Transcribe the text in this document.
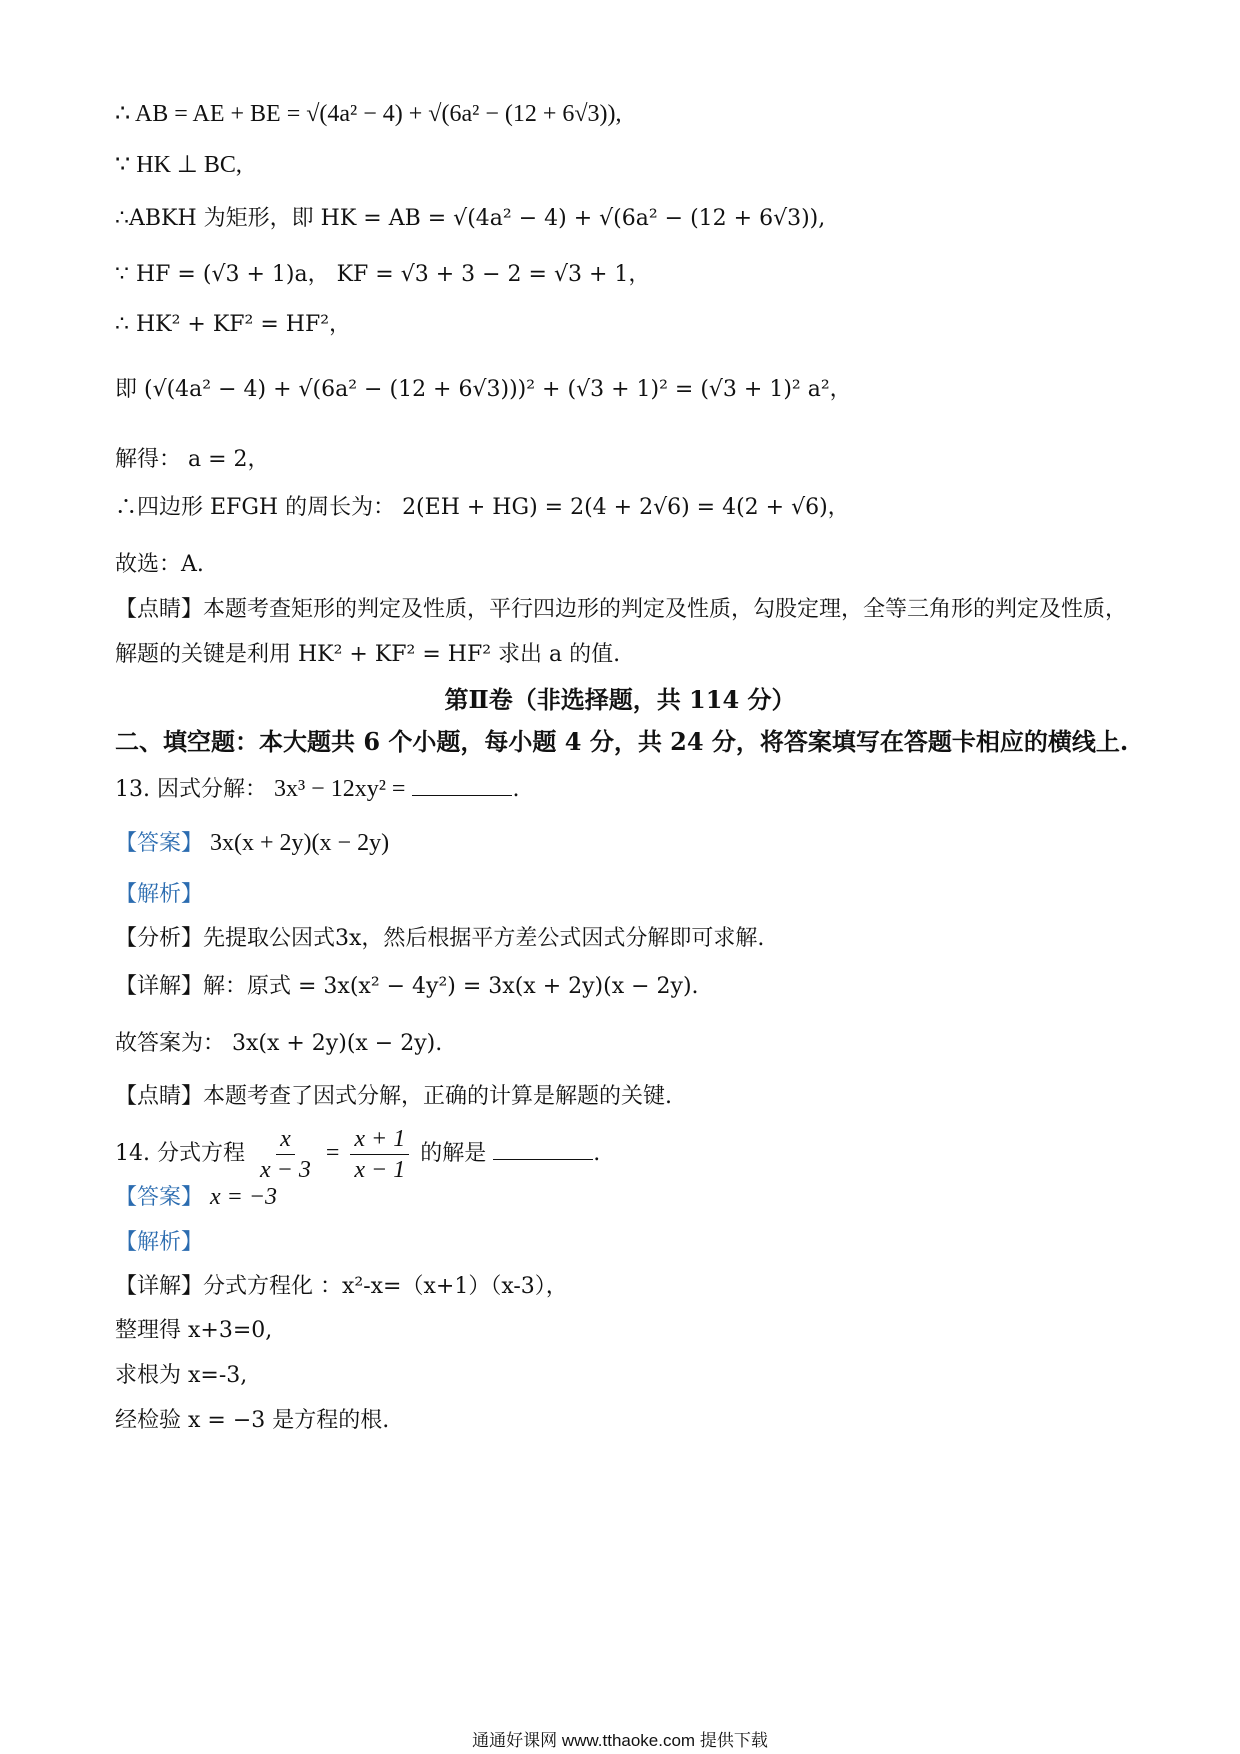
∴ AB = AE + BE = √(4a² − 4) + √(6a² − (12 + 6√3)),
∵ HK ⊥ BC,
∴ABKH 为矩形，即 HK = AB = √(4a² − 4) + √(6a² − (12 + 6√3)),
∵ HF = (√3 + 1)a， KF = √3 + 3 − 2 = √3 + 1，
∴ HK² + KF² = HF²，
即 (√(4a² − 4) + √(6a² − (12 + 6√3)))² + (√3 + 1)² = (√3 + 1)² a²，
解得： a = 2，
∴四边形 EFGH 的周长为： 2(EH + HG) = 2(4 + 2√6) = 4(2 + √6)，
故选：A.
【点睛】本题考查矩形的判定及性质，平行四边形的判定及性质，勾股定理，全等三角形的判定及性质，
解题的关键是利用 HK² + KF² = HF² 求出 a 的值.
第Ⅱ卷（非选择题，共 114 分）
二、填空题：本大题共 6 个小题，每小题 4 分，共 24 分，将答案填写在答题卡相应的横线上.
13. 因式分解： 3x³ − 12xy² =	.
【答案】 3x(x + 2y)(x − 2y)
【解析】
【分析】先提取公因式3x，然后根据平方差公式因式分解即可求解.
【详解】解：原式 = 3x(x² − 4y²) = 3x(x + 2y)(x − 2y).
故答案为： 3x(x + 2y)(x − 2y).
【点睛】本题考查了因式分解，正确的计算是解题的关键.
14. 分式方程 $\frac{x}{x - 3} = \frac{x + 1}{x - 1}$ 的解是	.
【答案】 x = −3
【解析】
【详解】分式方程化 ：x²-x=（x+1）（x-3），
整理得 x+3=0,
求根为 x=-3,
经检验 x = −3 是方程的根.
通通好课网 www.tthaoke.com 提供下载
